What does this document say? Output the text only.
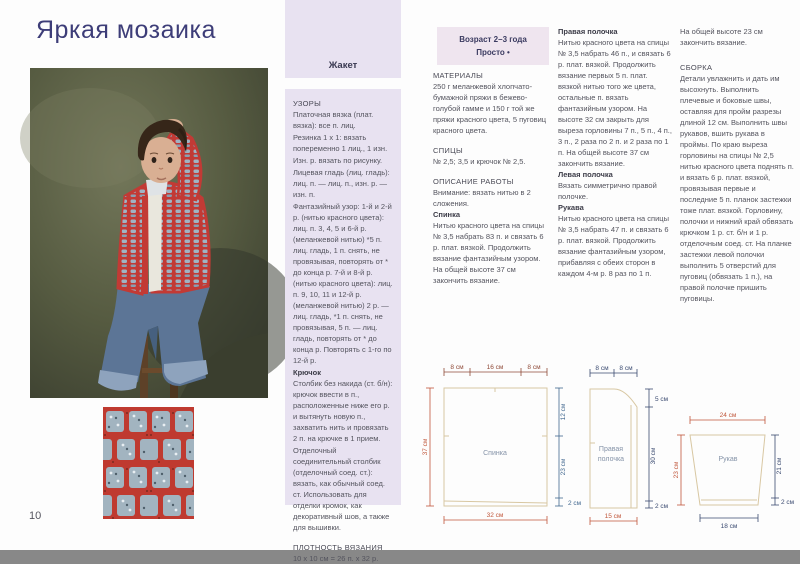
Яркая мозаика
10
Жакет

УЗОРЫ

Платочная вязка (плат. вязка): все п. лиц.

Резинка 1 х 1: вязать попеременно 1 лиц., 1 изн.

Изн. р. вязать по рисунку.

Лицевая гладь (лиц. гладь): лиц. п. — лиц. п., изн. р. — изн. п.

Фантазийный узор: 1-й и 2-й р. (нитью красного цвета): лиц. п. 3, 4, 5 и 6-й р. (меланжевой нитью) *5 п. лиц. гладь, 1 п. снять, не провязывая, повторять от * до конца р. 7-й и 8-й р. (нитью красного цвета): лиц. п. 9, 10, 11 и 12-й р. (меланжевой нитью) 2 р. — лиц. гладь, *1 п. снять, не провязывая, 5 п. — лиц. гладь, повторять от * до конца р. Повторять с 1-го по 12-й р.

Крючок

Столбик без накида (ст. б/н): крючок ввести в п., расположенные ниже его р. и вытянуть новую п., захватить нить и провязать 2 п. на крючке в 1 прием.

Отделочный соединительный столбик (отделочный соед. ст.): вязать, как обычный соед. ст. Использовать для отделки кромок, как декоративный шов, а также для вышивки.

ПЛОТНОСТЬ ВЯЗАНИЯ

10 х 10 см = 26 п. х 32 р.

Возраст 2–3 года
Просто •

МАТЕРИАЛЫ

250 г меланжевой хлопчато-бумажной пряжи в бежево-голубой гамме и 150 г той же пряжи красного цвета, 5 пуговиц красного цвета.

СПИЦЫ

№ 2,5; 3,5 и крючок № 2,5.

ОПИСАНИЕ РАБОТЫ

Внимание: вязать нитью в 2 сложения.

Спинка

Нитью красного цвета на спицы № 3,5 набрать 83 п. и связать 6 р. плат. вязкой. Продолжить вязание фантазийным узором. На общей высоте 37 см закончить вязание.

Правая полочка

Нитью красного цвета на спицы № 3,5 набрать 46 п., и связать 6 р. плат. вязкой. Продолжить вязание первых 5 п. плат. вязкой нитью того же цвета, остальные п. вязать фантазийным узором. На высоте 32 см закрыть для выреза горловины 7 п., 5 п., 4 п., 3 п., 2 раза по 2 п. и 2 раза по 1 п. На общей высоте 37 см закончить вязание.

Левая полочка

Вязать симметрично правой полочке.

Рукава

Нитью красного цвета на спицы № 3,5 набрать 47 п. и связать 6 р. плат. вязкой. Продолжить вязание фантазийным узором, прибавляя с обеих сторон в каждом 4-м р. 8 раз по 1 п.

На общей высоте 23 см закончить вязание.

СБОРКА

Детали увлажнить и дать им высохнуть. Выполнить плечевые и боковые швы, оставляя для пройм разрезы длиной 12 см. Выполнить швы рукавов, вшить рукава в проймы. По краю выреза горловины на спицы № 2,5 нитью красного цвета поднять п. и вязать 6 р. плат. вязкой, провязывая первые и последние 5 п. планок застежки тоже плат. вязкой. Горловину, полочки и нижний край обвязать крючком 1 р. ст. б/н и 1 р. отделочным соед. ст. На планке застежки левой полочки выполнить 5 отверстий для пуговиц (обвязать 1 п.), на правой полочке пришить пуговицы.

8 см	16 см	8 см
37 см
12 см
23 см
2 см
32 см
Спинка
8 см 8 см
5 см
30 см
2 см
15 см
Правая
полочка
24 см
23 см	21 см
2 см
18 см
Рукав
